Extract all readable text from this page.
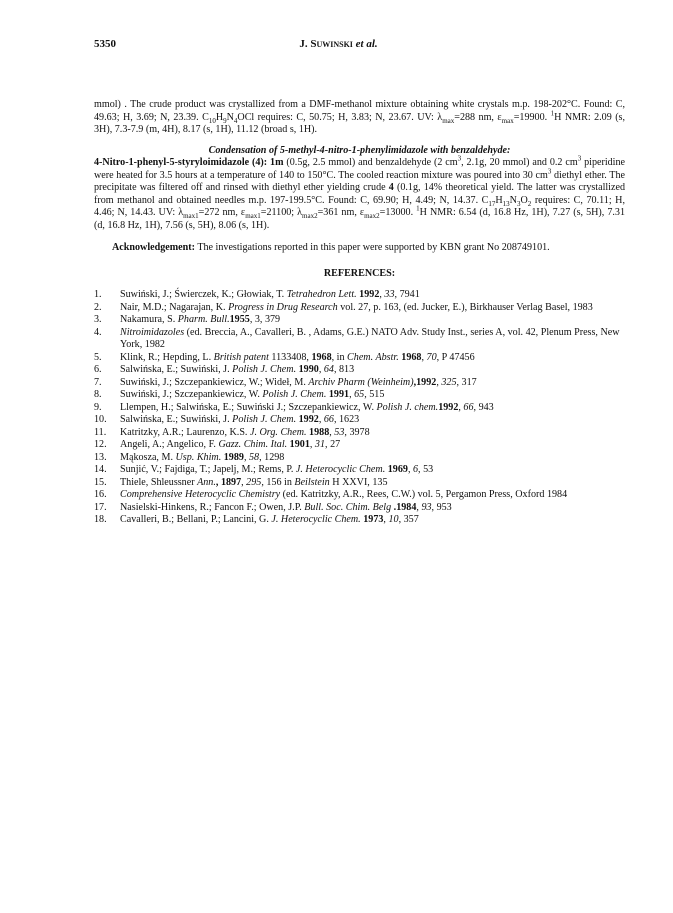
5350	J. Suwinski et al.

mmol) . The crude product was crystallized from a DMF-methanol mixture obtaining white crystals m.p. 198-202°C. Found: C, 49.63; H, 3.69; N, 23.39. $C_{10}H_9N_4OCl$ requires: C, 50.75; H, 3.83; N, 23.67. UV: $\lambda_{max}=288$ nm, $\varepsilon_{max}=19900$. $^1$H NMR: 2.09 (s, 3H), 7.3-7.9 (m, 4H), 8.17 (s, 1H), 11.12 (broad s, 1H).

Condensation of 5-methyl-4-nitro-1-phenylimidazole with benzaldehyde:

4-Nitro-1-phenyl-5-styryloimidazole (4): 1m (0.5g, 2.5 mmol) and benzaldehyde (2 $cm^3$, 2.1g, 20 mmol) and 0.2 $cm^3$ piperidine were heated for 3.5 hours at a temperature of 140 to 150°C. The cooled reaction mixture was poured into 30 $cm^3$ diethyl ether. The precipitate was filtered off and rinsed with diethyl ether yielding crude 4 (0.1g, 14% theoretical yield. The latter was crystallized from methanol and obtained needles m.p. 197-199.5°C. Found: C, 69.90; H, 4.49; N, 14.37. $C_{17}H_{13}N_3O_2$ requires: C, 70.11; H, 4.46; N, 14.43. UV: $\lambda_{max1}=272$ nm, $\varepsilon_{max1}=21100$; $\lambda_{max2}=361$ nm, $\varepsilon_{max2}=13000$. $^1$H NMR: 6.54 (d, 16.8 Hz, 1H), 7.27 (s, 5H), 7.31 (d, 16.8 Hz, 1H), 7.56 (s, 5H), 8.06 (s, 1H).

Acknowledgement: The investigations reported in this paper were supported by KBN grant No 208749101.

REFERENCES:

1. Suwiński, J.; Świerczek, K.; Głowiak, T. Tetrahedron Lett. 1992, 33, 7941
2. Nair, M.D.; Nagarajan, K. Progress in Drug Research vol. 27, p. 163, (ed. Jucker, E.), Birkhauser Verlag Basel, 1983
3. Nakamura, S. Pharm. Bull.1955, 3, 379
4. Nitroimidazoles (ed. Breccia, A., Cavalleri, B. , Adams, G.E.) NATO Adv. Study Inst., series A, vol. 42, Plenum Press, New York, 1982
5. Klink, R.; Hepding, L. British patent 1133408, 1968, in Chem. Abstr. 1968, 70, P 47456
6. Salwińska, E.; Suwiński, J. Polish J. Chem. 1990, 64, 813
7. Suwiński, J.; Szczepankiewicz, W.; Wideł, M. Archiv Pharm (Weinheim),1992, 325, 317
8. Suwiński, J.; Szczepankiewicz, W. Polish J. Chem. 1991, 65, 515
9. Llempen, H.; Salwińska, E.; Suwiński J.; Szczepankiewicz, W. Polish J. chem.1992, 66, 943
10. Salwińska, E.; Suwiński, J. Polish J. Chem. 1992, 66, 1623
11. Katritzky, A.R.; Laurenzo, K.S. J. Org. Chem. 1988, 53, 3978
12. Angeli, A.; Angelico, F. Gazz. Chim. Ital. 1901, 31, 27
13. Mąkosza, M. Usp. Khim. 1989, 58, 1298
14. Sunjić, V.; Fajdiga, T.; Japelj, M.; Rems, P. J. Heterocyclic Chem. 1969, 6, 53
15. Thiele, Shleussner Ann., 1897, 295, 156 in Beilstein H XXVI, 135
16. Comprehensive Heterocyclic Chemistry (ed. Katritzky, A.R., Rees, C.W.) vol. 5, Pergamon Press, Oxford 1984
17. Nasielski-Hinkens, R.; Fancon F.; Owen, J.P. Bull. Soc. Chim. Belg .1984, 93, 953
18. Cavalleri, B.; Bellani, P.; Lancini, G. J. Heterocyclic Chem. 1973, 10, 357
